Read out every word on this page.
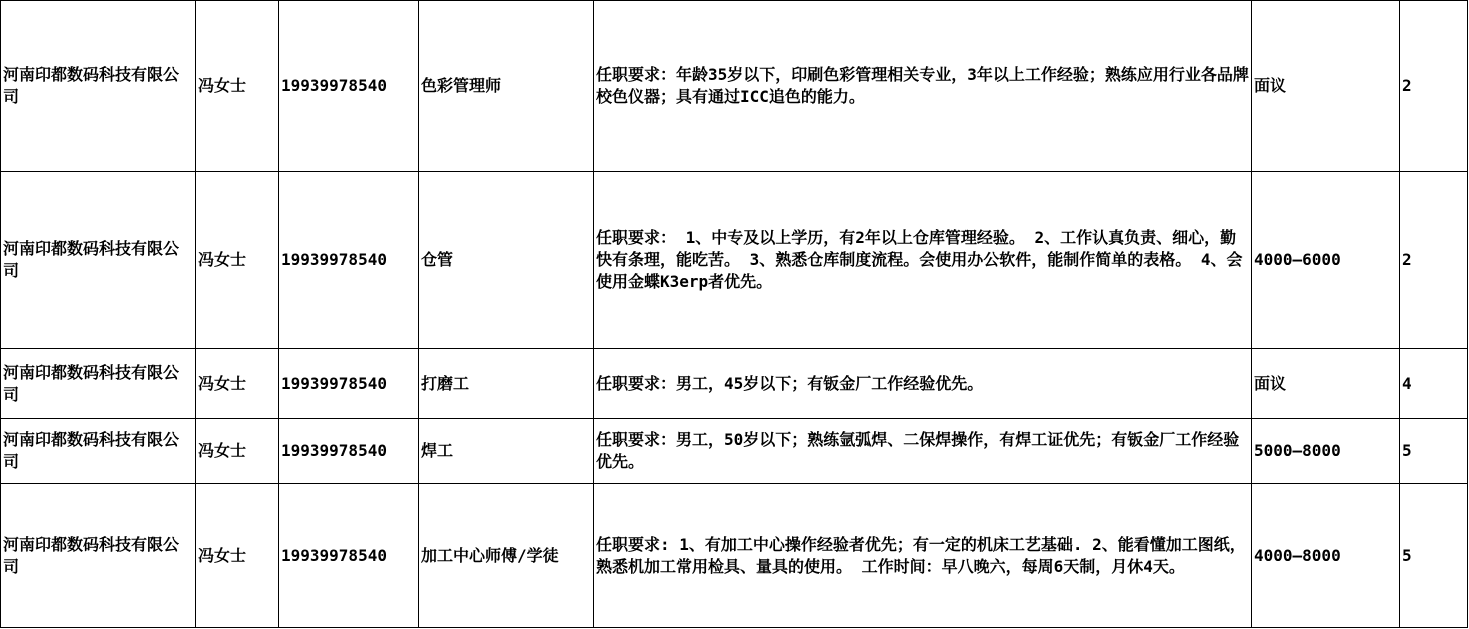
河南印都数码科技有限公司	冯女士	19939978540	色彩管理师	任职要求：年龄35岁以下，印刷色彩管理相关专业，3年以上工作经验；熟练应用行业各品牌校色仪器；具有通过ICC追色的能力。	面议	2
河南印都数码科技有限公司	冯女士	19939978540	仓管	任职要求： 1、中专及以上学历，有2年以上仓库管理经验。 2、工作认真负责、细心，勤快有条理，能吃苦。 3、熟悉仓库制度流程。会使用办公软件，能制作简单的表格。 4、会使用金蝶K3erp者优先。	4000—6000	2
河南印都数码科技有限公司	冯女士	19939978540	打磨工	任职要求：男工，45岁以下；有钣金厂工作经验优先。	面议	4
河南印都数码科技有限公司	冯女士	19939978540	焊工	任职要求：男工，50岁以下；熟练氩弧焊、二保焊操作，有焊工证优先；有钣金厂工作经验优先。	5000—8000	5
河南印都数码科技有限公司	冯女士	19939978540	加工中心师傅/学徒	任职要求: 1、有加工中心操作经验者优先；有一定的机床工艺基础. 2、能看懂加工图纸，熟悉机加工常用检具、量具的使用。 工作时间：早八晚六，每周6天制，月休4天。	4000—8000	5
